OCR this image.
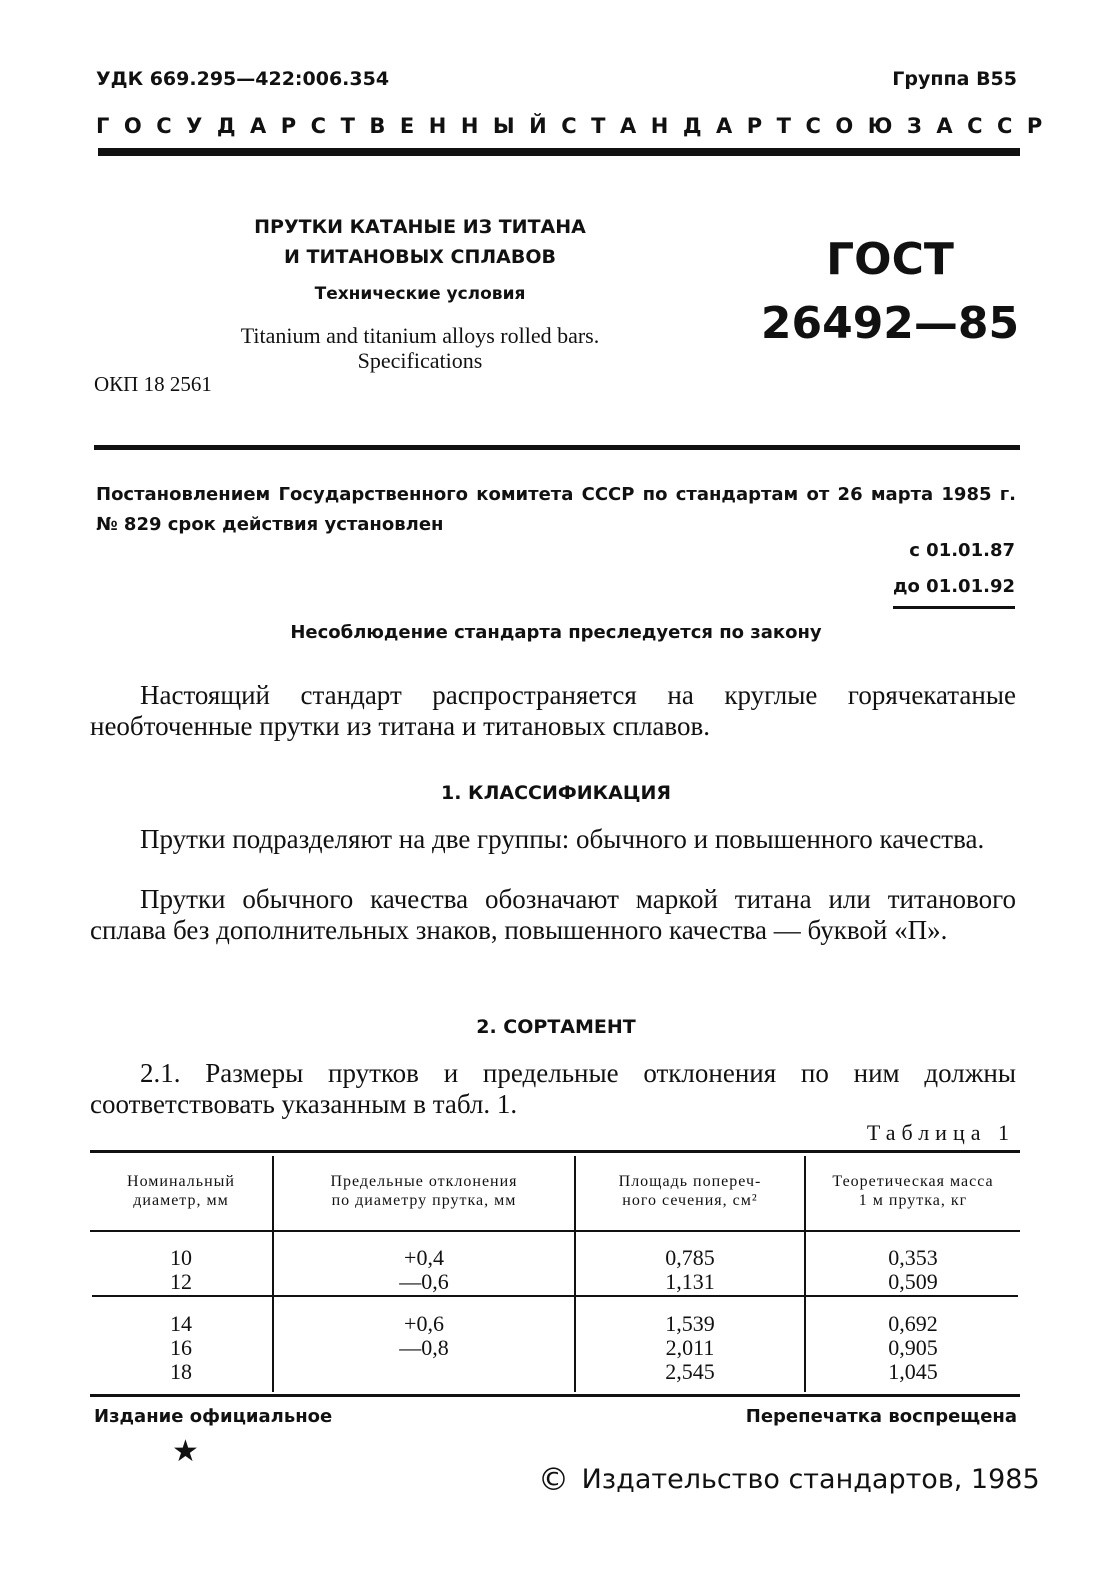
УДК 669.295—422:006.354	Группа В55
ГОСУДАРСТВЕННЫЙ СТАНДАРТ СОЮЗА ССР
ПРУТКИ КАТАНЫЕ ИЗ ТИТАНА
И ТИТАНОВЫХ СПЛАВОВ
Технические условия
Titanium and titanium alloys rolled bars.
Specifications
ОКП 18 2561
ГОСТ
26492—85
Постановлением Государственного комитета СССР по стандартам от 26 марта 1985 г. № 829 срок действия установлен
с 01.01.87
до 01.01.92
Несоблюдение стандарта преследуется по закону
Настоящий стандарт распространяется на круглые горячекатаные необточенные прутки из титана и титановых сплавов.
1. КЛАССИФИКАЦИЯ
Прутки подразделяют на две группы: обычного и повышенного качества.
Прутки обычного качества обозначают маркой титана или титанового сплава без дополнительных знаков, повышенного качества — буквой «П».
2. СОРТАМЕНТ
2.1. Размеры прутков и предельные отклонения по ним должны соответствовать указанным в табл. 1.
Таблица 1
Номинальный
диаметр, мм
Предельные отклонения
по диаметру прутка, мм
Площадь попереч-
ного сечения, см²
Теоретическая масса
1 м прутка, кг
10
12
+0,4
—0,6
0,785
1,131
0,353
0,509
14
16
18
+0,6
—0,8
1,539
2,011
2,545
0,692
0,905
1,045
Издание официальное	Перепечатка воспрещена
★
© Издательство стандартов, 1985
